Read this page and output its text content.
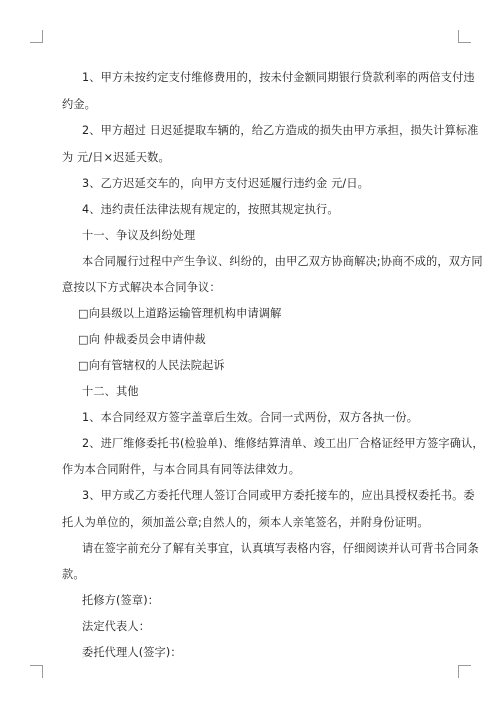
1、甲方未按约定支付维修费用的，按未付金额同期银行贷款利率的两倍支付违
约金。
2、甲方超过 日迟延提取车辆的，给乙方造成的损失由甲方承担，损失计算标准
为 元/日×迟延天数。
3、乙方迟延交车的，向甲方支付迟延履行违约金 元/日。
4、违约责任法律法规有规定的，按照其规定执行。
十一、争议及纠纷处理
本合同履行过程中产生争议、纠纷的，由甲乙双方协商解决;协商不成的，双方同
意按以下方式解决本合同争议：
□向县级以上道路运输管理机构申请调解
□向 仲裁委员会申请仲裁
□向有管辖权的人民法院起诉
十二、其他
1、本合同经双方签字盖章后生效。合同一式两份，双方各执一份。
2、进厂维修委托书(检验单)、维修结算清单、竣工出厂合格证经甲方签字确认，
作为本合同附件，与本合同具有同等法律效力。
3、甲方或乙方委托代理人签订合同或甲方委托接车的，应出具授权委托书。委
托人为单位的，须加盖公章;自然人的，须本人亲笔签名，并附身份证明。
请在签字前充分了解有关事宜，认真填写表格内容，仔细阅读并认可背书合同条
款。
托修方(签章)：
法定代表人：
委托代理人(签字)：
